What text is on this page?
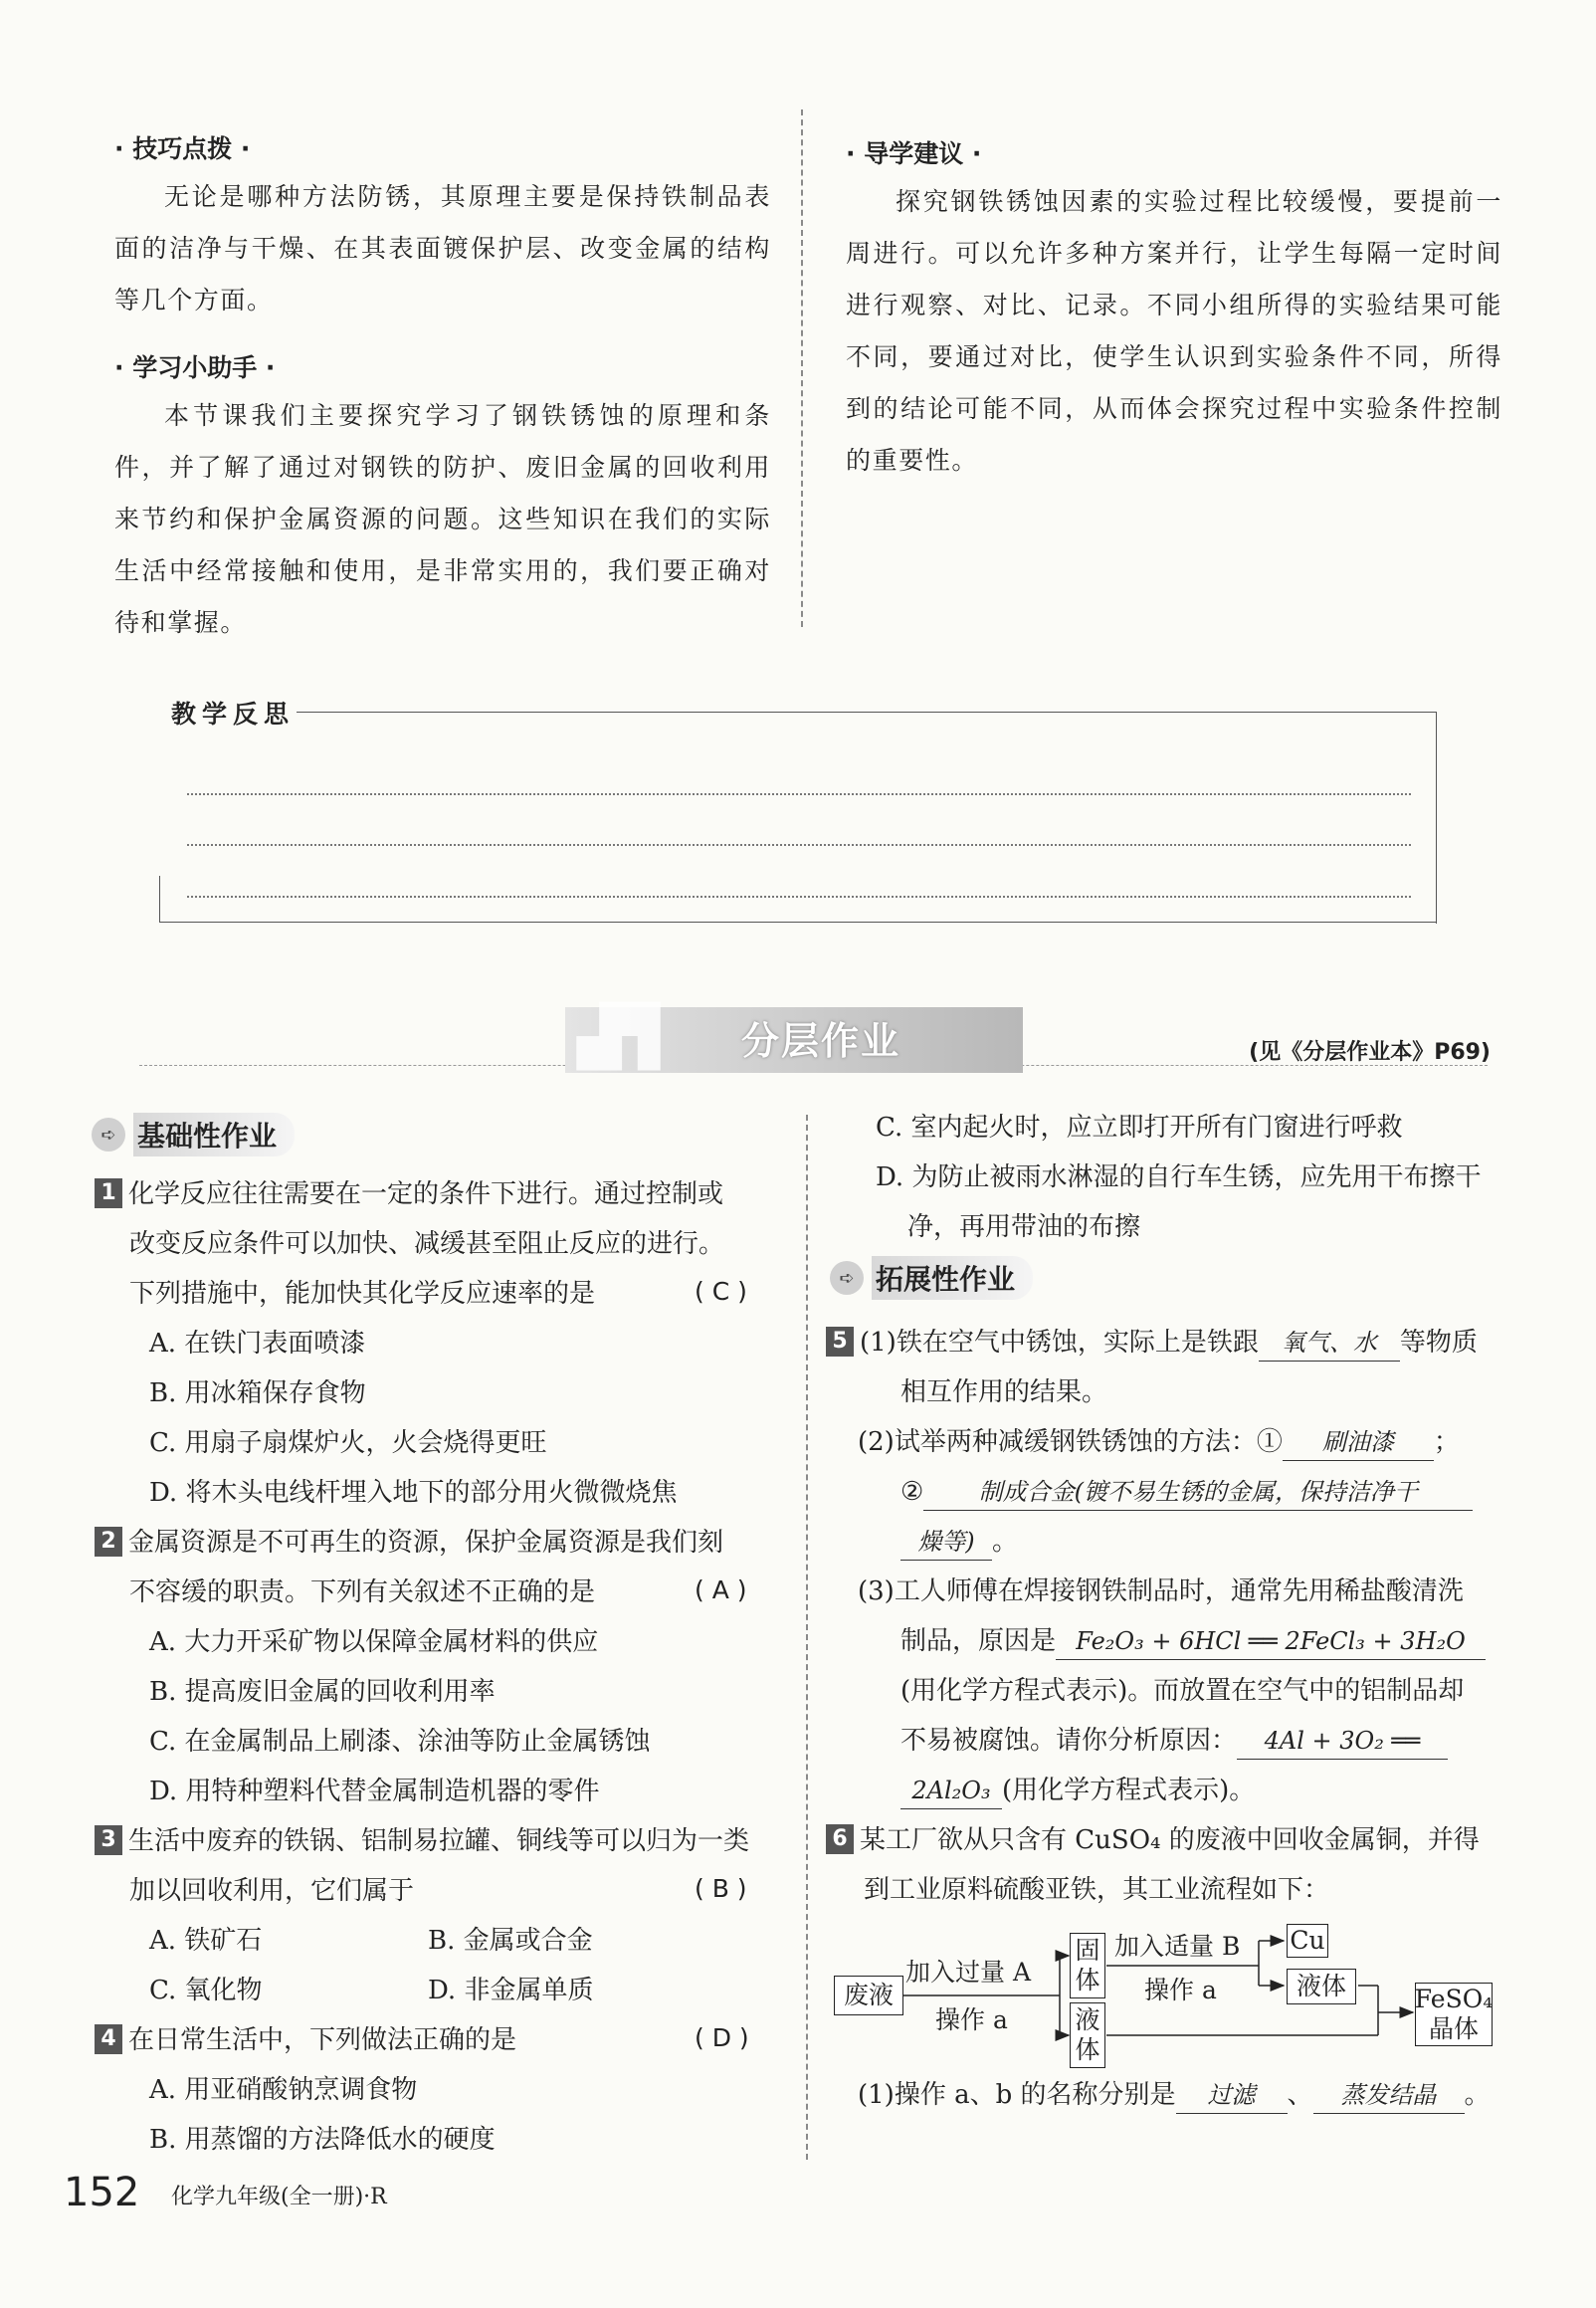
· 技巧点拨 ·
无论是哪种方法防锈，其原理主要是保持铁制品表面的洁净与干燥、在其表面镀保护层、改变金属的结构等几个方面。
· 学习小助手 ·
本节课我们主要探究学习了钢铁锈蚀的原理和条件，并了解了通过对钢铁的防护、废旧金属的回收利用来节约和保护金属资源的问题。这些知识在我们的实际生活中经常接触和使用，是非常实用的，我们要正确对待和掌握。
· 导学建议 ·
探究钢铁锈蚀因素的实验过程比较缓慢，要提前一周进行。可以允许多种方案并行，让学生每隔一定时间进行观察、对比、记录。不同小组所得的实验结果可能不同，要通过对比，使学生认识到实验条件不同，所得到的结论可能不同，从而体会探究过程中实验条件控制的重要性。
教学反思
▟▜	分层作业	(见《分层作业本》P69)
➪ 基础性作业
1 化学反应往往需要在一定的条件下进行。通过控制或
改变反应条件可以加快、减缓甚至阻止反应的进行。
下列措施中，能加快其化学反应速率的是	( C )
A. 在铁门表面喷漆
B. 用冰箱保存食物
C. 用扇子扇煤炉火，火会烧得更旺
D. 将木头电线杆埋入地下的部分用火微微烧焦
2 金属资源是不可再生的资源，保护金属资源是我们刻
不容缓的职责。下列有关叙述不正确的是	( A )
A. 大力开采矿物以保障金属材料的供应
B. 提高废旧金属的回收利用率
C. 在金属制品上刷漆、涂油等防止金属锈蚀
D. 用特种塑料代替金属制造机器的零件
3 生活中废弃的铁锅、铝制易拉罐、铜线等可以归为一类
加以回收利用，它们属于	( B )
A. 铁矿石	B. 金属或合金
C. 氧化物	D. 非金属单质
4 在日常生活中，下列做法正确的是	( D )
A. 用亚硝酸钠烹调食物
B. 用蒸馏的方法降低水的硬度
C. 室内起火时，应立即打开所有门窗进行呼救
D. 为防止被雨水淋湿的自行车生锈，应先用干布擦干
净，再用带油的布擦
➪ 拓展性作业
5 (1)铁在空气中锈蚀，实际上是铁跟 氧气、水 等物质
相互作用的结果。
(2)试举两种减缓钢铁锈蚀的方法：① 刷油漆 ；
② 制成合金(镀不易生锈的金属，保持洁净干
燥等) 。
(3)工人师傅在焊接钢铁制品时，通常先用稀盐酸清洗
制品，原因是 Fe₂O₃ + 6HCl ══ 2FeCl₃ + 3H₂O
(用化学方程式表示)。而放置在空气中的铝制品却
不易被腐蚀。请你分析原因： 4Al + 3O₂ ══
2Al₂O₃ (用化学方程式表示)。
6 某工厂欲从只含有 CuSO₄ 的废液中回收金属铜，并得
到工业原料硫酸亚铁，其工业流程如下：
废液
加入过量 A
操作 a
固体
液体
加入适量 B
操作 a
Cu
液体	FeSO₄晶体
(1)操作 a、b 的名称分别是 过滤 、 蒸发结晶 。
152 化学九年级(全一册)·R
